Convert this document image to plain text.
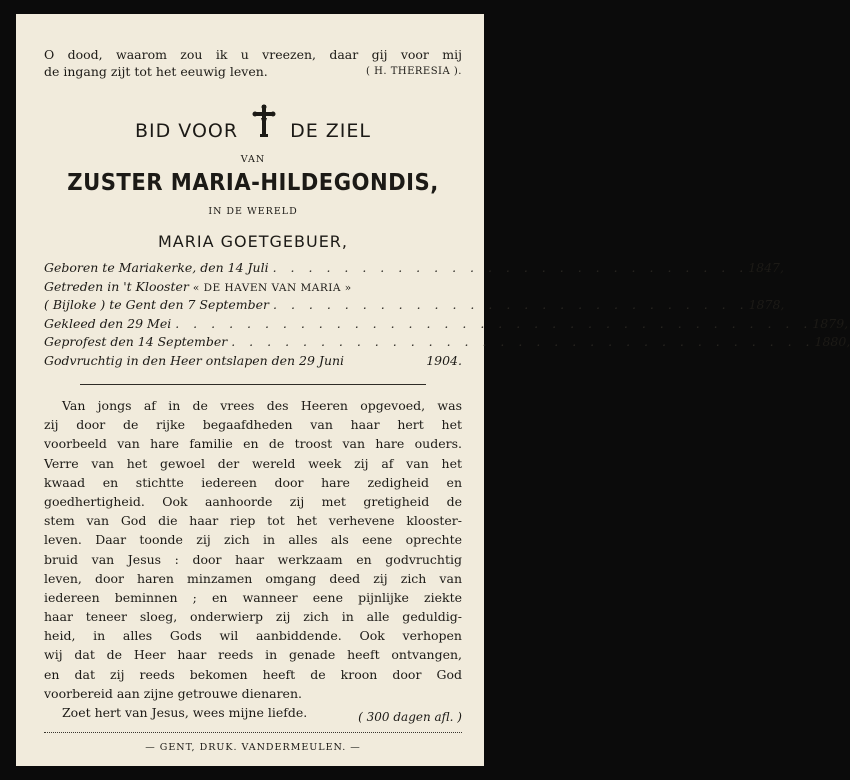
O dood, waarom zou ik u vreezen, daar gij voor mij
de ingang zijt tot het eeuwig leven.	( H. THERESIA ).
BID VOOR	DE ZIEL
VAN
ZUSTER MARIA-HILDEGONDIS,
IN DE WERELD
MARIA GOETGEBUER,
Geboren te Mariakerke, den 14 Juli . . . . . . . . . . . . . . . . . . . . . . . . . . . 1847,
Getreden in 't Klooster « DE HAVEN VAN MARIA »
( Bijloke ) te Gent den 7 September . . . . . . . . . . . . . . . . . . . . . . . . . . . 1878,
Gekleed den 29 Mei . . . . . . . . . . . . . . . . . . . . . . . . . . . . . . . . . . . . 1879,
Geprofest den 14 September . . . . . . . . . . . . . . . . . . . . . . . . . . . . . . . . . 1880,
Godvruchtig in den Heer ontslapen den 29 Juni	1904.
Van jongs af in de vrees des Heeren opgevoed, was
zij door de rijke begaafdheden van haar hert het
voorbeeld van hare familie en de troost van hare ouders.
Verre van het gewoel der wereld week zij af van het
kwaad en stichtte iedereen door hare zedigheid en
goedhertigheid. Ook aanhoorde zij met gretigheid de
stem van God die haar riep tot het verhevene klooster-
leven. Daar toonde zij zich in alles als eene oprechte
bruid van Jesus : door haar werkzaam en godvruchtig
leven, door haren minzamen omgang deed zij zich van
iedereen beminnen ; en wanneer eene pijnlijke ziekte
haar teneer sloeg, onderwierp zij zich in alle geduldig-
heid, in alles Gods wil aanbiddende. Ook verhopen
wij dat de Heer haar reeds in genade heeft ontvangen,
en dat zij reeds bekomen heeft de kroon door God
voorbereid aan zijne getrouwe dienaren.
Zoet hert van Jesus, wees mijne liefde.	( 300 dagen afl. )
— GENT, DRUK. VANDERMEULEN. —
